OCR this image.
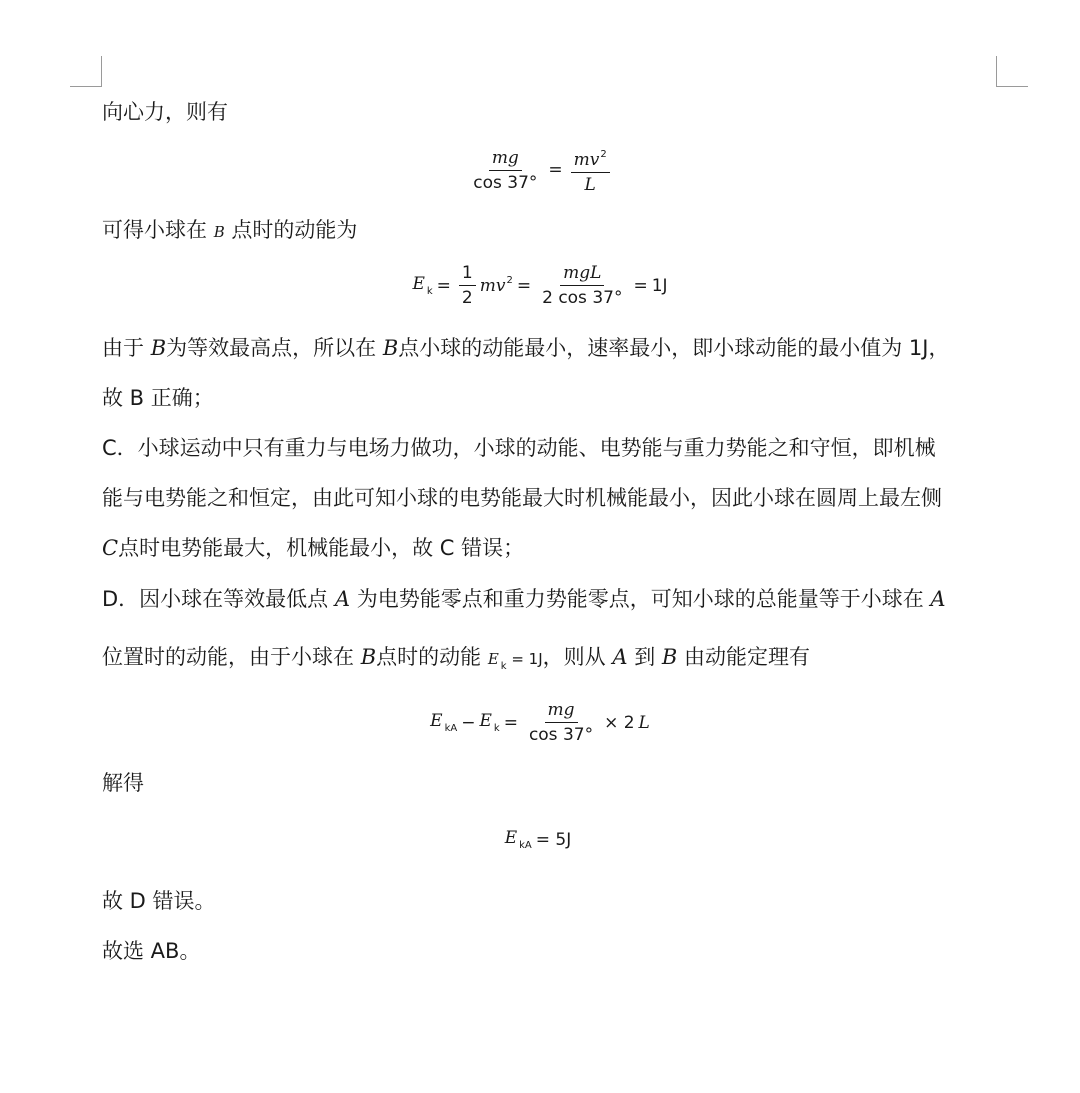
向心力，则有
$\frac{mg}{\cos 37^\circ} = \frac{mv^2}{L}$
可得小球在 B 点时的动能为
E $_k = \frac{1}{2} mv^2 = \frac{\text{mgL}}{2 \cos 37^\circ} = 1J$
由于 B为等效最高点，所以在 B点小球的动能最小，速率最小，即小球动能的最小值为 1J，
故 B 正确；
C．小球运动中只有重力与电场力做功，小球的动能、电势能与重力势能之和守恒，即机械
能与电势能之和恒定，由此可知小球的电势能最大时机械能最小，因此小球在圆周上最左侧
C点时电势能最大，机械能最小，故 C 错误；
D．因小球在等效最低点 A 为电势能零点和重力势能零点，可知小球的总能量等于小球在 A
位置时的动能，由于小球在 B点时的动能 E $_k$ = 1J，则从 A 到 B 由动能定理有
E $_{kA}$ − E $_k = \frac{mg}{\cos 37^\circ} \times 2$ L
解得
E $_{kA}$ = 5J
故 D 错误。
故选 AB。
